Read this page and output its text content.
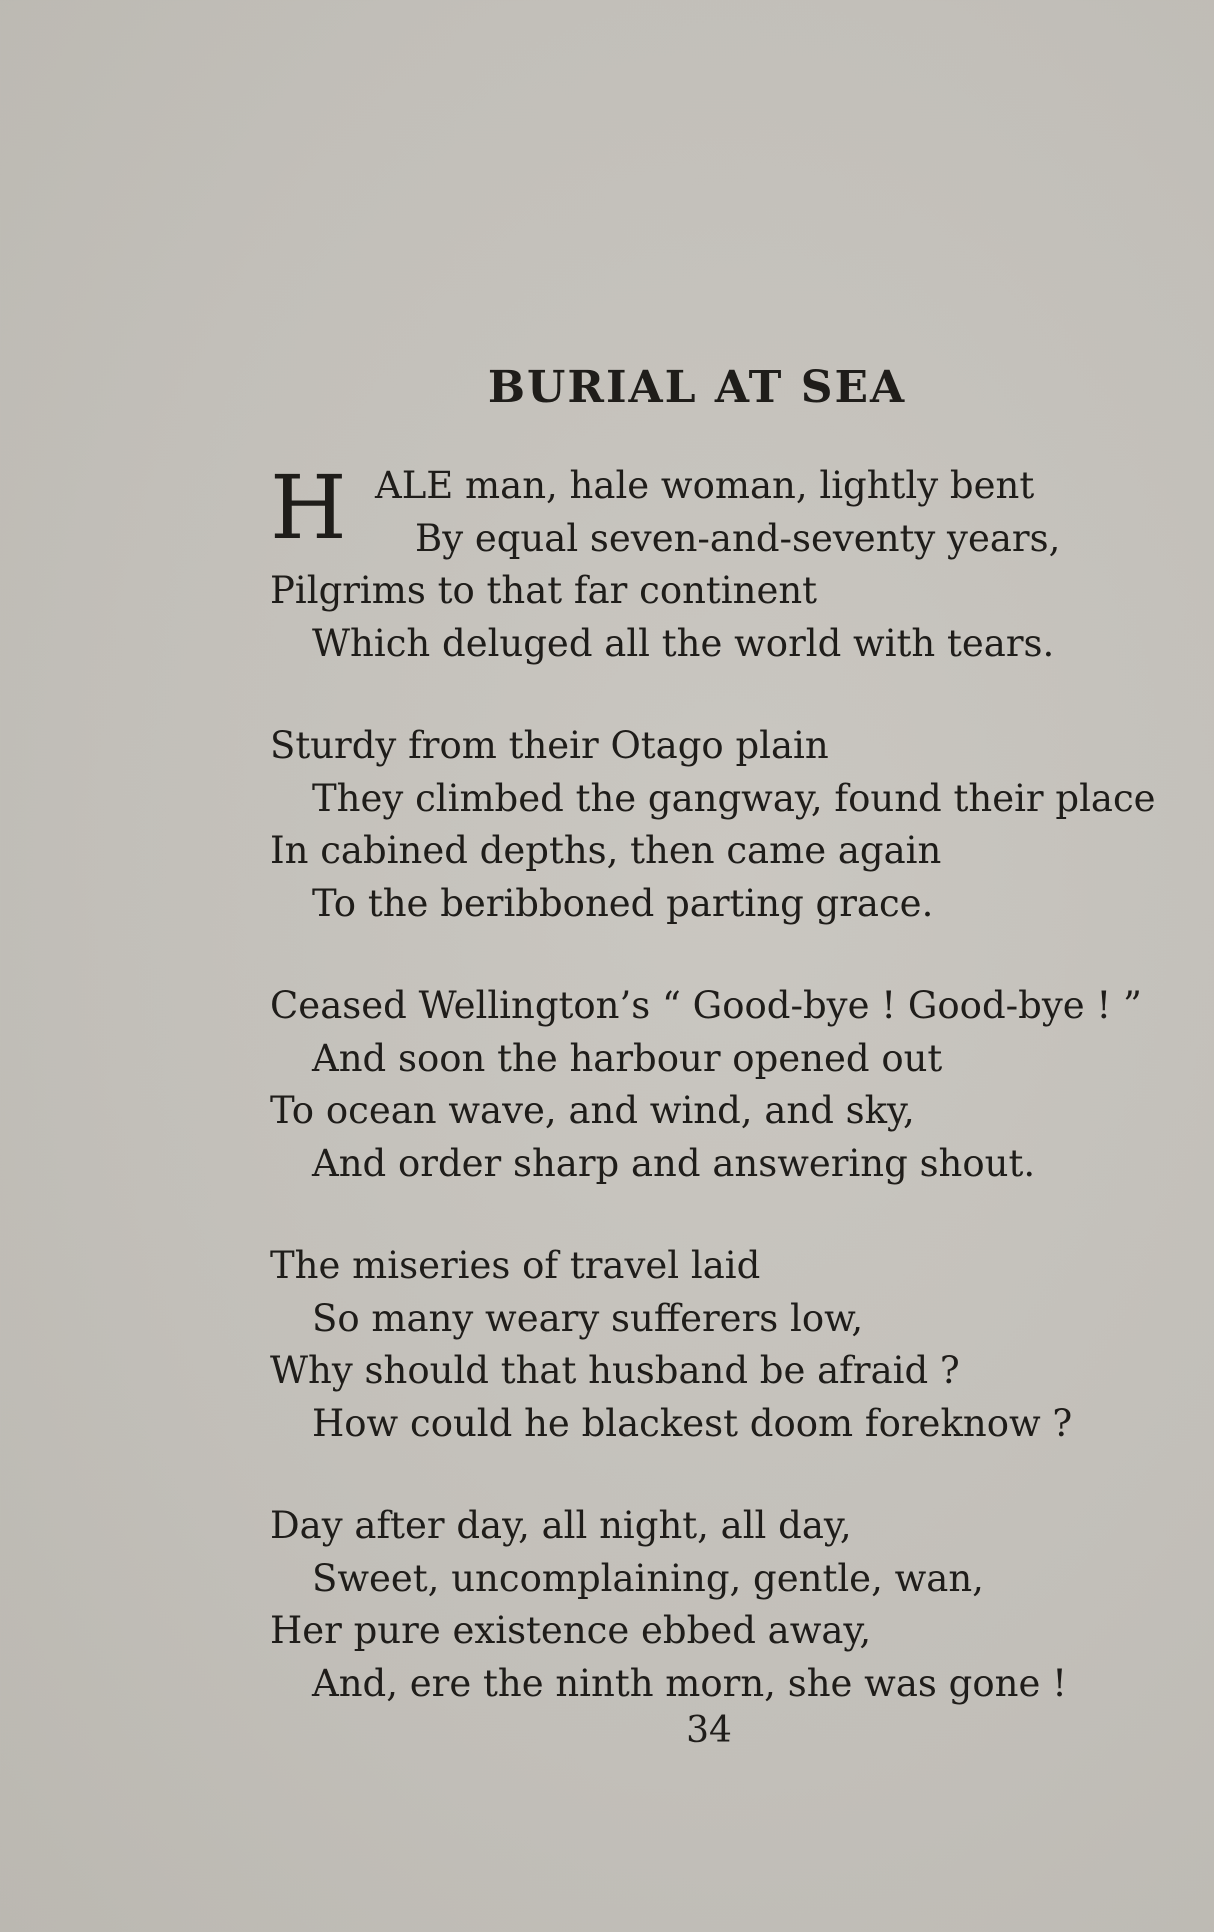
BURIAL AT SEA
H ALE man, hale woman, lightly bent
By equal seven-and-seventy years,
Pilgrims to that far continent
Which deluged all the world with tears.
Sturdy from their Otago plain
They climbed the gangway, found their place
In cabined depths, then came again
To the beribboned parting grace.
Ceased Wellington’s “ Good-bye ! Good-bye ! ”
And soon the harbour opened out
To ocean wave, and wind, and sky,
And order sharp and answering shout.
The miseries of travel laid
So many weary sufferers low,
Why should that husband be afraid ?
How could he blackest doom foreknow ?
Day after day, all night, all day,
Sweet, uncomplaining, gentle, wan,
Her pure existence ebbed away,
And, ere the ninth morn, she was gone !
34
